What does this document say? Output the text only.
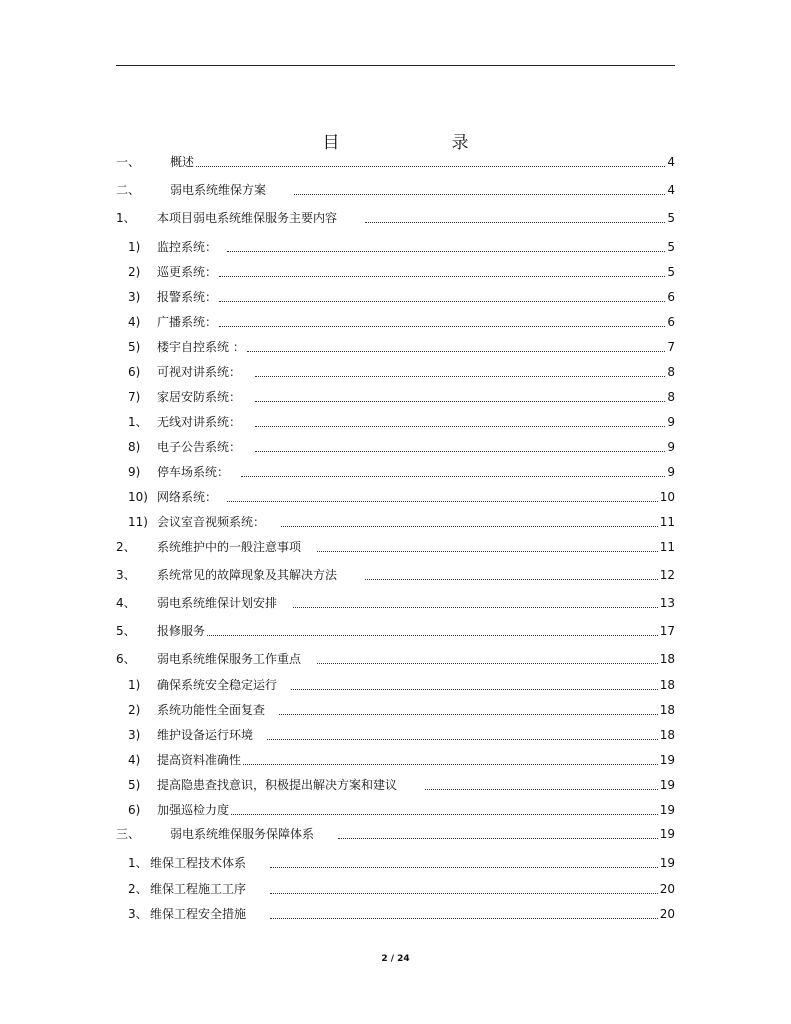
目　　录
一、	概述	4
二、	弱电系统维保方案	4
1、	本项目弱电系统维保服务主要内容	5
1)	监控系统：	5
2)	巡更系统：	5
3)	报警系统：	6
4)	广播系统：	6
5)	楼宇自控系统 ：	7
6)	可视对讲系统：	8
7)	家居安防系统：	8
1、 无线对讲系统：	9
8)	电子公告系统：	9
9)	停车场系统：	9
10) 网络系统：	10
11) 会议室音视频系统：	11
2、	系统维护中的一般注意事项	11
3、	系统常见的故障现象及其解决方法	12
4、	弱电系统维保计划安排	13
5、	报修服务	17
6、	弱电系统维保服务工作重点	18
1)	确保系统安全稳定运行	18
2)	系统功能性全面复查	18
3)	维护设备运行环境	18
4)	提高资料准确性	19
5)	提高隐患查找意识，积极提出解决方案和建议	19
6)	加强巡检力度	19
三、	弱电系统维保服务保障体系	19
1、 维保工程技术体系	19
2、 维保工程施工工序	20
3、 维保工程安全措施	20
2 / 24
